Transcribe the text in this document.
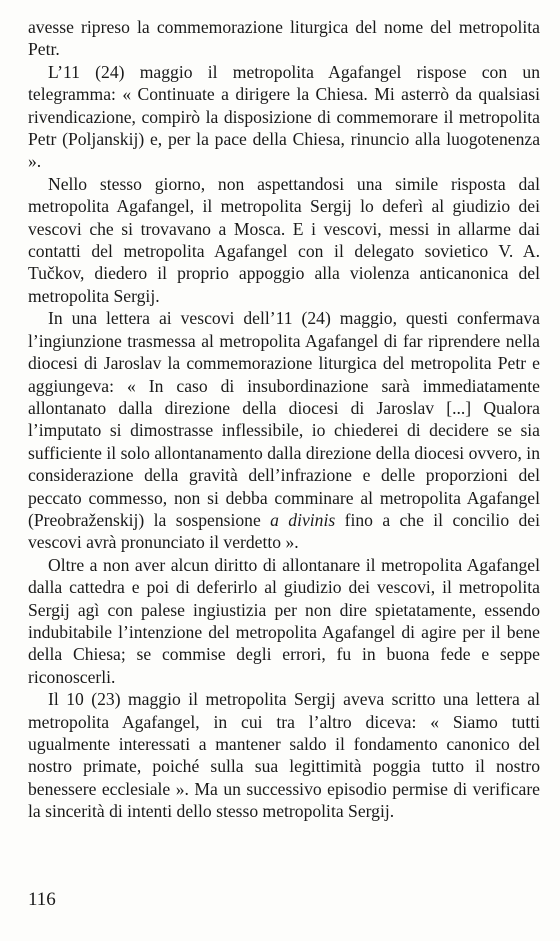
avesse ripreso la commemorazione liturgica del nome del metropolita Petr.

L’11 (24) maggio il metropolita Agafangel rispose con un telegramma: « Continuate a dirigere la Chiesa. Mi asterrò da qualsiasi rivendicazione, compirò la disposizione di commemorare il metropolita Petr (Poljanskij) e, per la pace della Chiesa, rinuncio alla luogotenenza ».

Nello stesso giorno, non aspettandosi una simile risposta dal metropolita Agafangel, il metropolita Sergij lo deferì al giudizio dei vescovi che si trovavano a Mosca. E i vescovi, messi in allarme dai contatti del metropolita Agafangel con il delegato sovietico V. A. Tučkov, diedero il proprio appoggio alla violenza anticanonica del metropolita Sergij.

In una lettera ai vescovi dell’11 (24) maggio, questi confermava l’ingiunzione trasmessa al metropolita Agafangel di far riprendere nella diocesi di Jaroslav la commemorazione liturgica del metropolita Petr e aggiungeva: « In caso di insubordinazione sarà immediatamente allontanato dalla direzione della diocesi di Jaroslav [...] Qualora l’imputato si dimostrasse inflessibile, io chiederei di decidere se sia sufficiente il solo allontanamento dalla direzione della diocesi ovvero, in considerazione della gravità dell’infrazione e delle proporzioni del peccato commesso, non si debba comminare al metropolita Agafangel (Preobraženskij) la sospensione a divinis fino a che il concilio dei vescovi avrà pronunciato il verdetto ».

Oltre a non aver alcun diritto di allontanare il metropolita Agafangel dalla cattedra e poi di deferirlo al giudizio dei vescovi, il metropolita Sergij agì con palese ingiustizia per non dire spietatamente, essendo indubitabile l’intenzione del metropolita Agafangel di agire per il bene della Chiesa; se commise degli errori, fu in buona fede e seppe riconoscerli.

Il 10 (23) maggio il metropolita Sergij aveva scritto una lettera al metropolita Agafangel, in cui tra l’altro diceva: « Siamo tutti ugualmente interessati a mantener saldo il fondamento canonico del nostro primate, poiché sulla sua legittimità poggia tutto il nostro benessere ecclesiale ». Ma un successivo episodio permise di verificare la sincerità di intenti dello stesso metropolita Sergij.

116
